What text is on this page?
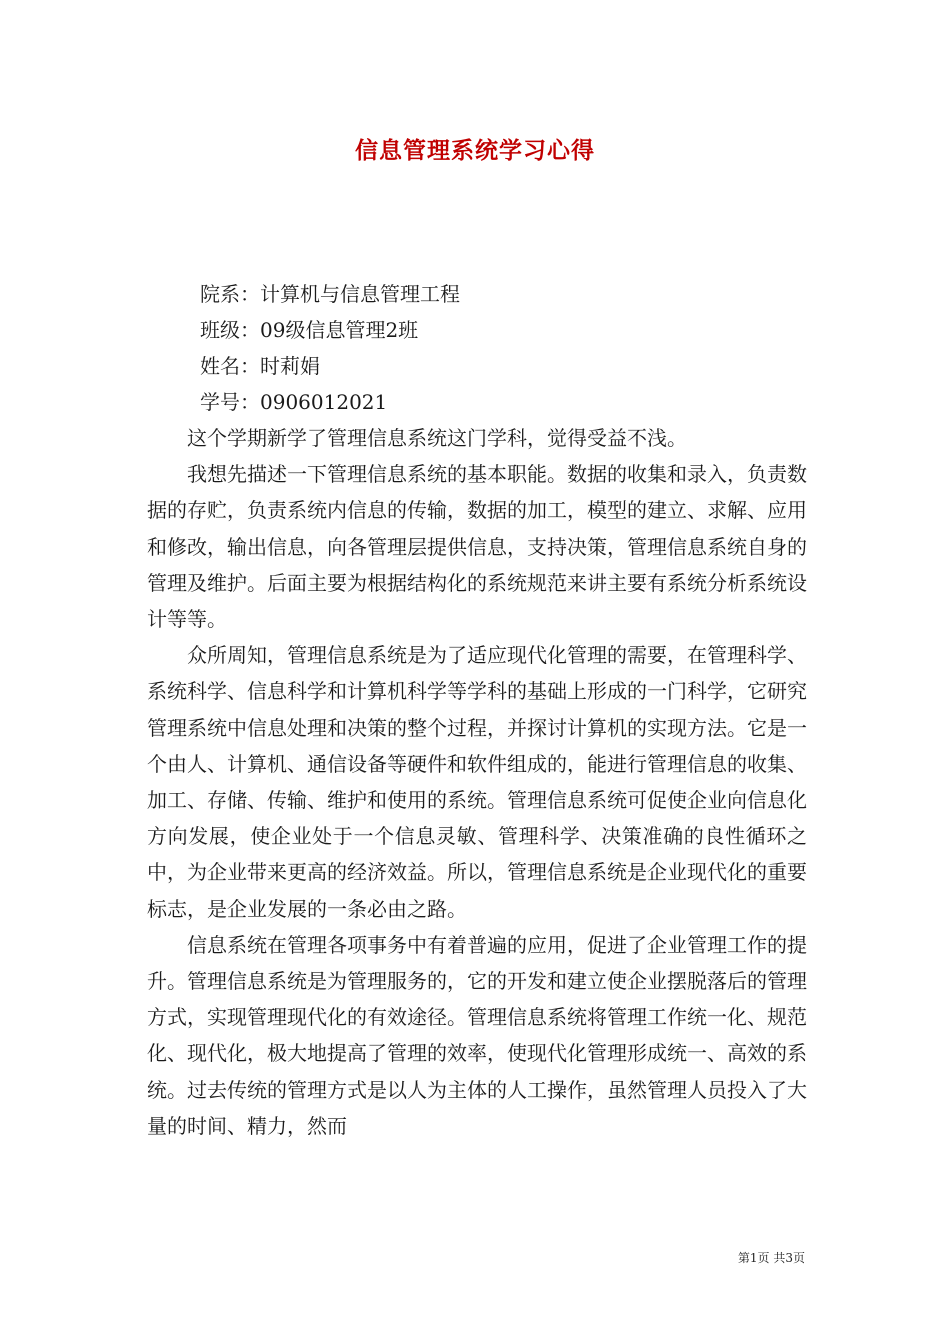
信息管理系统学习心得
院系：计算机与信息管理工程
班级：09级信息管理2班
姓名：时莉娟
学号：0906012021

这个学期新学了管理信息系统这门学科，觉得受益不浅。

我想先描述一下管理信息系统的基本职能。数据的收集和录入，负责数据的存贮，负责系统内信息的传输，数据的加工，模型的建立、求解、应用和修改，输出信息，向各管理层提供信息，支持决策，管理信息系统自身的管理及维护。后面主要为根据结构化的系统规范来讲主要有系统分析系统设计等等。

众所周知，管理信息系统是为了适应现代化管理的需要，在管理科学、系统科学、信息科学和计算机科学等学科的基础上形成的一门科学，它研究管理系统中信息处理和决策的整个过程，并探讨计算机的实现方法。它是一个由人、计算机、通信设备等硬件和软件组成的，能进行管理信息的收集、加工、存储、传输、维护和使用的系统。管理信息系统可促使企业向信息化方向发展，使企业处于一个信息灵敏、管理科学、决策准确的良性循环之中，为企业带来更高的经济效益。所以，管理信息系统是企业现代化的重要标志，是企业发展的一条必由之路。

信息系统在管理各项事务中有着普遍的应用，促进了企业管理工作的提升。管理信息系统是为管理服务的，它的开发和建立使企业摆脱落后的管理方式，实现管理现代化的有效途径。管理信息系统将管理工作统一化、规范化、现代化，极大地提高了管理的效率，使现代化管理形成统一、高效的系统。过去传统的管理方式是以人为主体的人工操作，虽然管理人员投入了大量的时间、精力，然而

第1页 共3页
